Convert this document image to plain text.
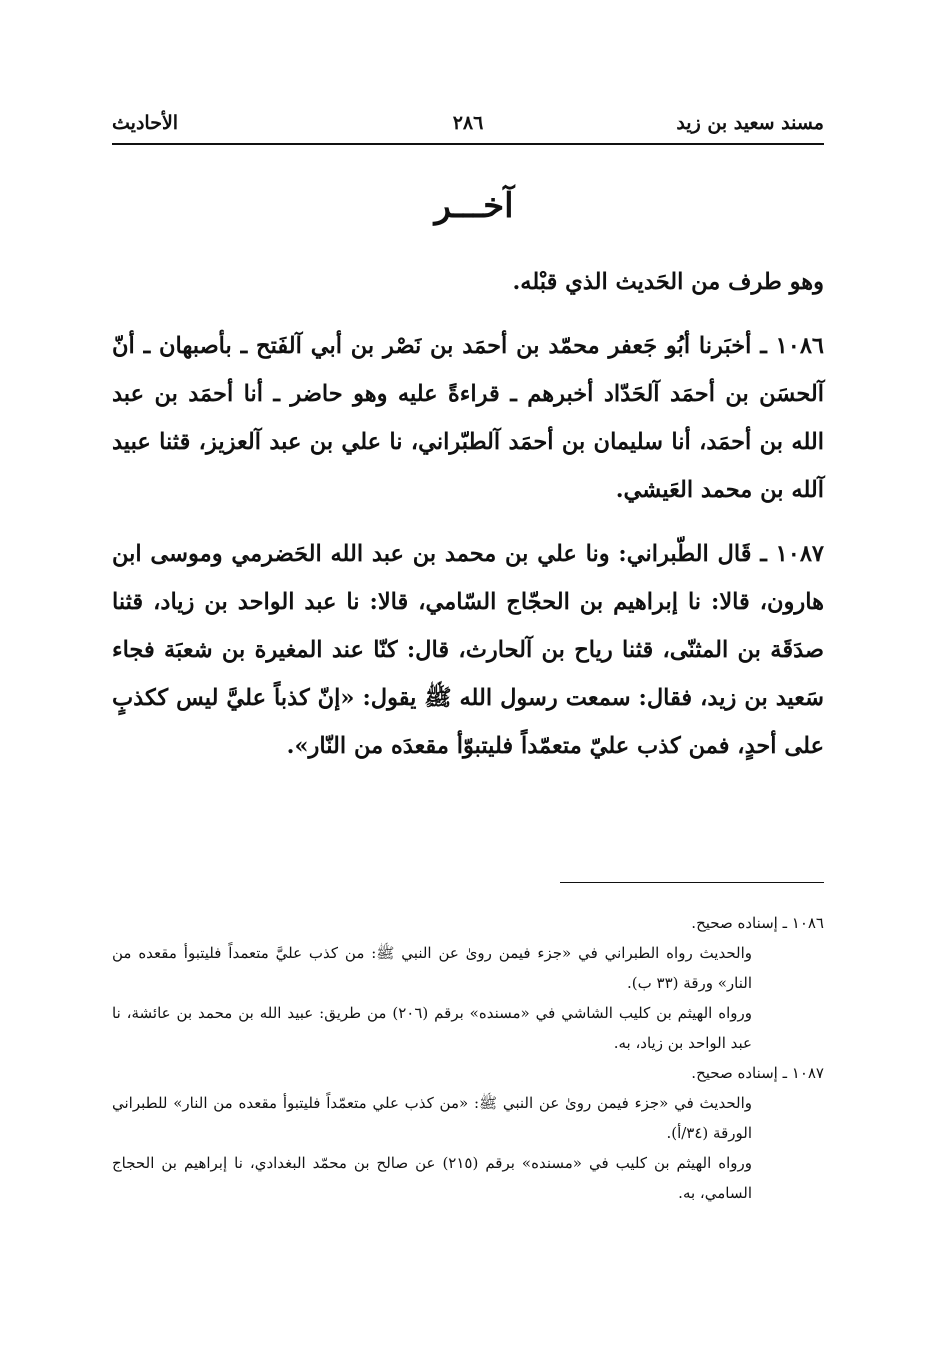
مسند سعيد بن زيد
٢٨٦
الأحاديث
آخـــر

وهو طرف من الحَديث الذي قبْله.

١٠٨٦ ـ أخبَرنا أبُو جَعفر محمّد بن أحمَد بن نَصْر بن أبي آلفَتح ـ بأصبهان ـ أنّ آلحسَن بن أحمَد آلحَدّاد أخبرهم ـ قراءةً عليه وهو حاضر ـ أنا أحمَد بن عبد الله بن أحمَد، أنا سليمان بن أحمَد آلطبّراني، نا علي بن عبد آلعزيز، قثنا عبيد آلله بن محمد العَيشي.

١٠٨٧ ـ قَال الطّبراني: ونا علي بن محمد بن عبد الله الحَضرمي وموسى ابن هارون، قالا: نا إبراهيم بن الحجّاج السّامي، قالا: نا عبد الواحد بن زياد، قثنا صدَقَة بن المثنّى، قثنا رياح بن آلحارث، قال: كنّا عند المغيرة بن شعبَة فجاء سَعيد بن زيد، فقال: سمعت رسول الله ﷺ يقول: «إنّ كذباً عليَّ ليس ككذبٍ على أحدٍ، فمن كذب عليّ متعمّداً فليتبوّأ مقعدَه من النّار».

١٠٨٦ ـ إسناده صحيح.

والحديث رواه الطبراني في «جزء فيمن روىٰ عن النبي ﷺ: من كذب عليَّ متعمداً فليتبوأ مقعده من النار» ورقة (٣٣ ب).

ورواه الهيثم بن كليب الشاشي في «مسنده» برقم (٢٠٦) من طريق: عبيد الله بن محمد بن عائشة، نا عبد الواحد بن زياد، به.

١٠٨٧ ـ إسناده صحيح.

والحديث في «جزء فيمن روىٰ عن النبي ﷺ: «من كذب علي متعمّداً فليتبوأ مقعده من النار» للطبراني الورقة (٣٤/أ).

ورواه الهيثم بن كليب في «مسنده» برقم (٢١٥) عن صالح بن محمّد البغدادي، نا إبراهيم بن الحجاج السامي، به.
